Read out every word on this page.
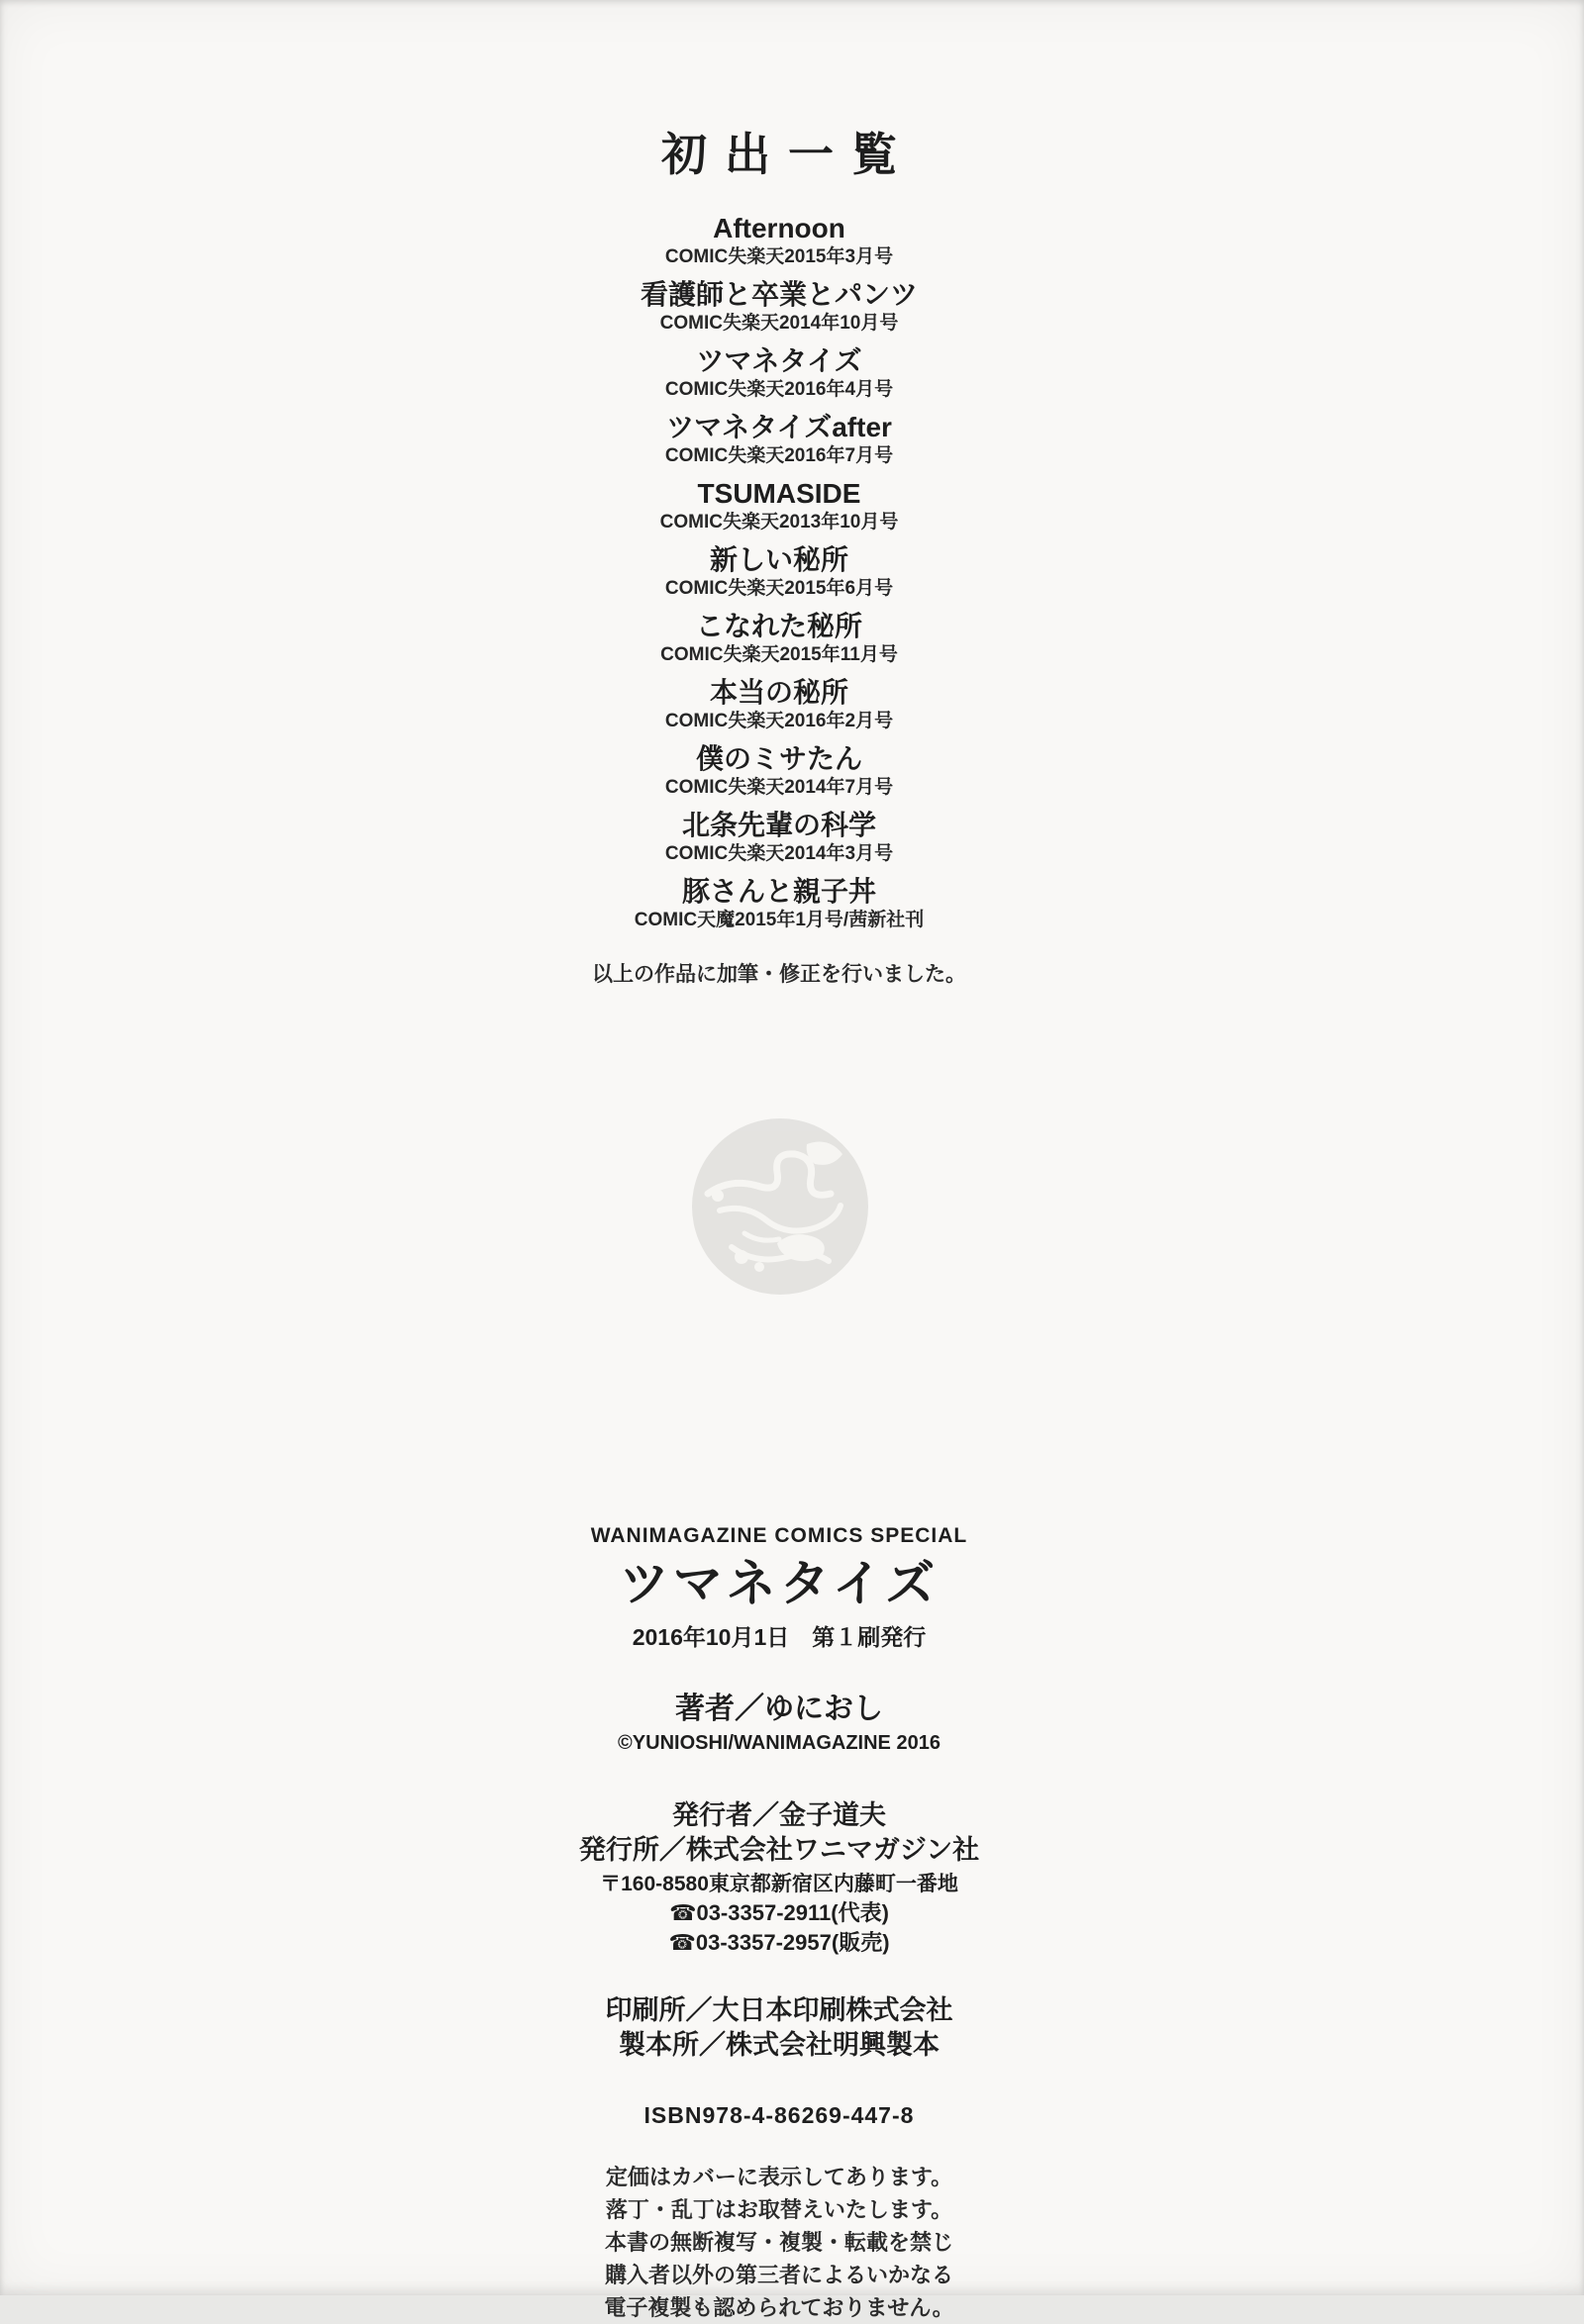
初出一覧
Afternoon
COMIC失楽天2015年3月号
看護師と卒業とパンツ
COMIC失楽天2014年10月号
ツマネタイズ
COMIC失楽天2016年4月号
ツマネタイズafter
COMIC失楽天2016年7月号
TSUMASIDE
COMIC失楽天2013年10月号
新しい秘所
COMIC失楽天2015年6月号
こなれた秘所
COMIC失楽天2015年11月号
本当の秘所
COMIC失楽天2016年2月号
僕のミサたん
COMIC失楽天2014年7月号
北条先輩の科学
COMIC失楽天2014年3月号
豚さんと親子丼
COMIC天魔2015年1月号/茜新社刊
以上の作品に加筆・修正を行いました。
WANIMAGAZINE COMICS SPECIAL
ツマネタイズ
2016年10月1日　第１刷発行
著者／ゆにおし
©YUNIOSHI/WANIMAGAZINE 2016
発行者／金子道夫
発行所／株式会社ワニマガジン社
〒160-8580東京都新宿区内藤町一番地
☎03-3357-2911(代表)
☎03-3357-2957(販売)
印刷所／大日本印刷株式会社
製本所／株式会社明興製本
ISBN978-4-86269-447-8
定価はカバーに表示してあります。
落丁・乱丁はお取替えいたします。
本書の無断複写・複製・転載を禁じ
購入者以外の第三者によるいかなる
電子複製も認められておりません。
